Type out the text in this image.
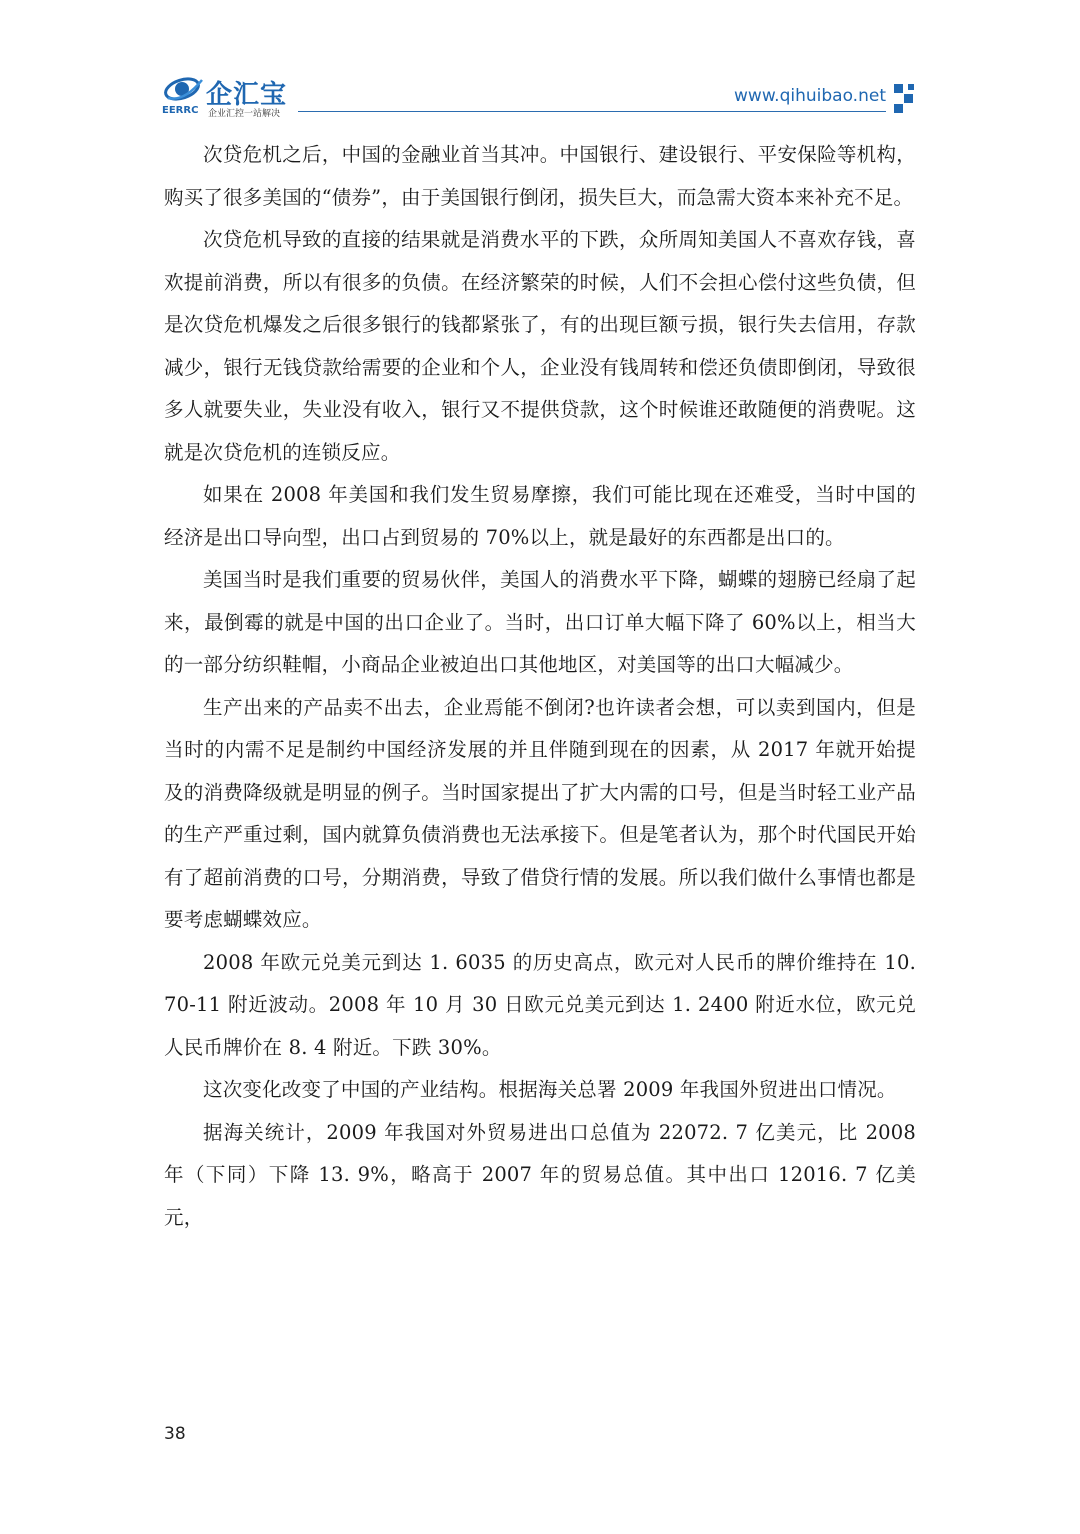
企汇宝
EERRC 企业汇控一站解决
www.qihuibao.net

次贷危机之后，中国的金融业首当其冲。中国银行、建设银行、平安保险等机构，购买了很多美国的“债券”，由于美国银行倒闭，损失巨大，而急需大资本来补充不足。

次贷危机导致的直接的结果就是消费水平的下跌，众所周知美国人不喜欢存钱，喜欢提前消费，所以有很多的负债。在经济繁荣的时候，人们不会担心偿付这些负债，但是次贷危机爆发之后很多银行的钱都紧张了，有的出现巨额亏损，银行失去信用，存款减少，银行无钱贷款给需要的企业和个人，企业没有钱周转和偿还负债即倒闭，导致很多人就要失业，失业没有收入，银行又不提供贷款，这个时候谁还敢随便的消费呢。这就是次贷危机的连锁反应。

如果在 2008 年美国和我们发生贸易摩擦，我们可能比现在还难受，当时中国的经济是出口导向型，出口占到贸易的 70%以上，就是最好的东西都是出口的。

美国当时是我们重要的贸易伙伴，美国人的消费水平下降，蝴蝶的翅膀已经扇了起来，最倒霉的就是中国的出口企业了。当时，出口订单大幅下降了 60%以上，相当大的一部分纺织鞋帽，小商品企业被迫出口其他地区，对美国等的出口大幅减少。

生产出来的产品卖不出去，企业焉能不倒闭?也许读者会想，可以卖到国内，但是当时的内需不足是制约中国经济发展的并且伴随到现在的因素，从 2017 年就开始提及的消费降级就是明显的例子。当时国家提出了扩大内需的口号，但是当时轻工业产品的生产严重过剩，国内就算负债消费也无法承接下。但是笔者认为，那个时代国民开始有了超前消费的口号，分期消费，导致了借贷行情的发展。所以我们做什么事情也都是要考虑蝴蝶效应。

2008 年欧元兑美元到达 1. 6035 的历史高点，欧元对人民币的牌价维持在 10. 70-11 附近波动。2008 年 10 月 30 日欧元兑美元到达 1. 2400 附近水位，欧元兑人民币牌价在 8. 4 附近。下跌 30%。

这次变化改变了中国的产业结构。根据海关总署 2009 年我国外贸进出口情况。

据海关统计，2009 年我国对外贸易进出口总值为 22072. 7 亿美元，比 2008 年（下同）下降 13. 9%，略高于 2007 年的贸易总值。其中出口 12016. 7 亿美元，

38
